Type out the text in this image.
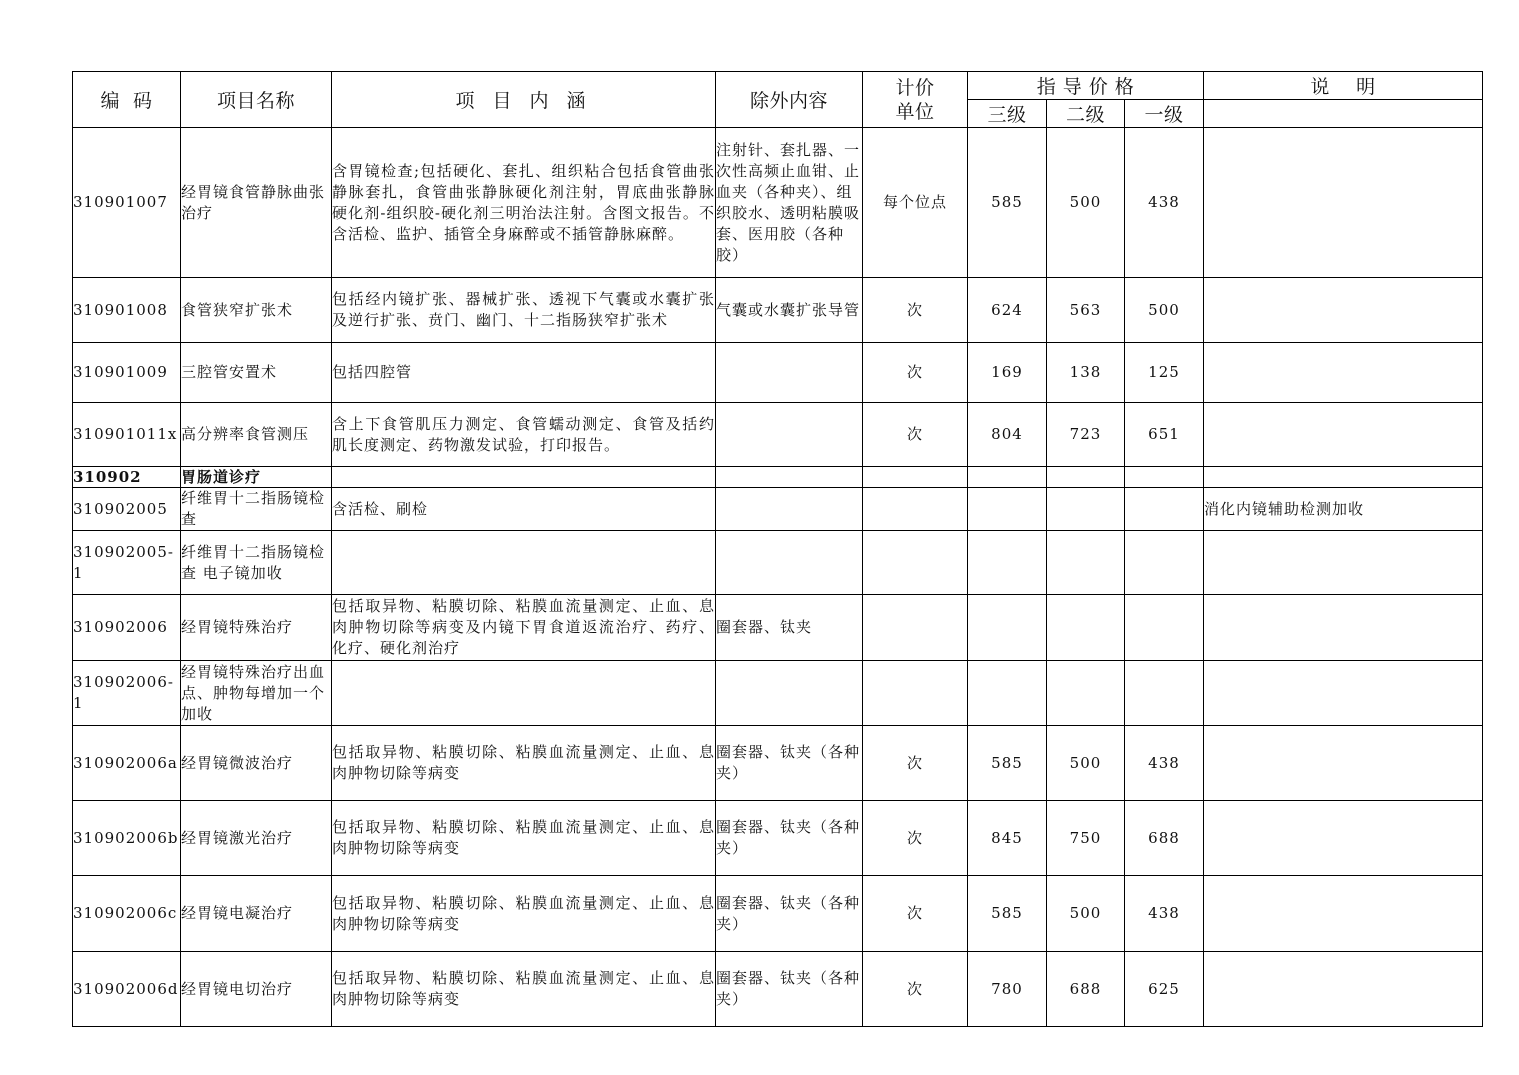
编  码	项目名称	项 目 内 涵	除外内容	计价
单位	指 导 价 格			说    明
					三级	二级	一级	
310901007	经胃镜食管静脉曲张治疗	含胃镜检查;包括硬化、套扎、组织粘合包括食管曲张静脉套扎，食管曲张静脉硬化剂注射，胃底曲张静脉硬化剂-组织胶-硬化剂三明治法注射。含图文报告。不含活检、监护、插管全身麻醉或不插管静脉麻醉。	注射针、套扎器、一次性高频止血钳、止血夹（各种夹）、组织胶水、透明粘膜吸套、医用胶（各种胶）	每个位点	585	500	438	
310901008	食管狭窄扩张术	包括经内镜扩张、器械扩张、透视下气囊或水囊扩张及逆行扩张、贲门、幽门、十二指肠狭窄扩张术	气囊或水囊扩张导管	次	624	563	500	
310901009	三腔管安置术	包括四腔管		次	169	138	125	
310901011x	高分辨率食管测压	含上下食管肌压力测定、食管蠕动测定、食管及括约肌长度测定、药物激发试验，打印报告。		次	804	723	651	
310902	胃肠道诊疗							
310902005	纤维胃十二指肠镜检查	含活检、刷检						消化内镜辅助检测加收
310902005-1	纤维胃十二指肠镜检查 电子镜加收							
310902006	经胃镜特殊治疗	包括取异物、粘膜切除、粘膜血流量测定、止血、息肉肿物切除等病变及内镜下胃食道返流治疗、药疗、化疗、硬化剂治疗	圈套器、钛夹					
310902006-1	经胃镜特殊治疗出血点、肿物每增加一个加收							
310902006a	经胃镜微波治疗	包括取异物、粘膜切除、粘膜血流量测定、止血、息肉肿物切除等病变	圈套器、钛夹（各种夹）	次	585	500	438	
310902006b	经胃镜激光治疗	包括取异物、粘膜切除、粘膜血流量测定、止血、息肉肿物切除等病变	圈套器、钛夹（各种夹）	次	845	750	688	
310902006c	经胃镜电凝治疗	包括取异物、粘膜切除、粘膜血流量测定、止血、息肉肿物切除等病变	圈套器、钛夹（各种夹）	次	585	500	438	
310902006d	经胃镜电切治疗	包括取异物、粘膜切除、粘膜血流量测定、止血、息肉肿物切除等病变	圈套器、钛夹（各种夹）	次	780	688	625	
